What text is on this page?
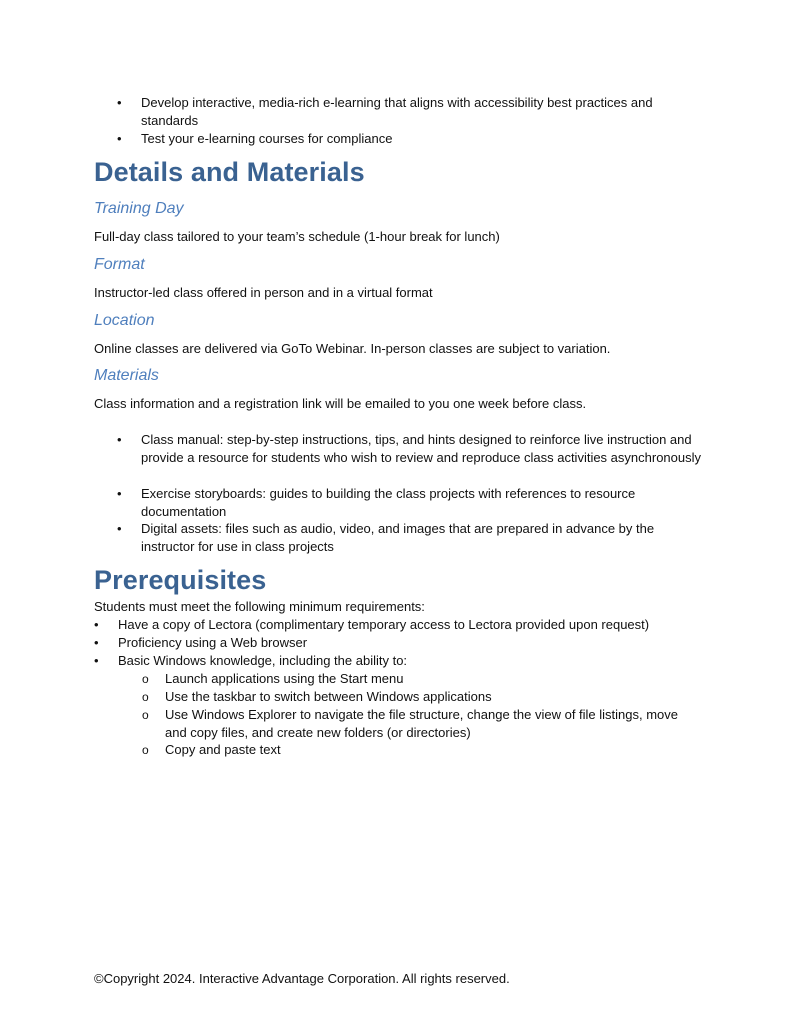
• Develop interactive, media-rich e-learning that aligns with accessibility best practices and standards
• Test your e-learning courses for compliance
Details and Materials
Training Day
Full-day class tailored to your team’s schedule (1-hour break for lunch)
Format
Instructor-led class offered in person and in a virtual format
Location
Online classes are delivered via GoTo Webinar. In-person classes are subject to variation.
Materials
Class information and a registration link will be emailed to you one week before class.
• Class manual: step-by-step instructions, tips, and hints designed to reinforce live instruction and provide a resource for students who wish to review and reproduce class activities asynchronously
• Exercise storyboards: guides to building the class projects with references to resource documentation
• Digital assets: files such as audio, video, and images that are prepared in advance by the instructor for use in class projects
Prerequisites
Students must meet the following minimum requirements:
• Have a copy of Lectora (complimentary temporary access to Lectora provided upon request)
• Proficiency using a Web browser
• Basic Windows knowledge, including the ability to:
o Launch applications using the Start menu
o Use the taskbar to switch between Windows applications
o Use Windows Explorer to navigate the file structure, change the view of file listings, move and copy files, and create new folders (or directories)
o Copy and paste text
©Copyright 2024. Interactive Advantage Corporation. All rights reserved.
